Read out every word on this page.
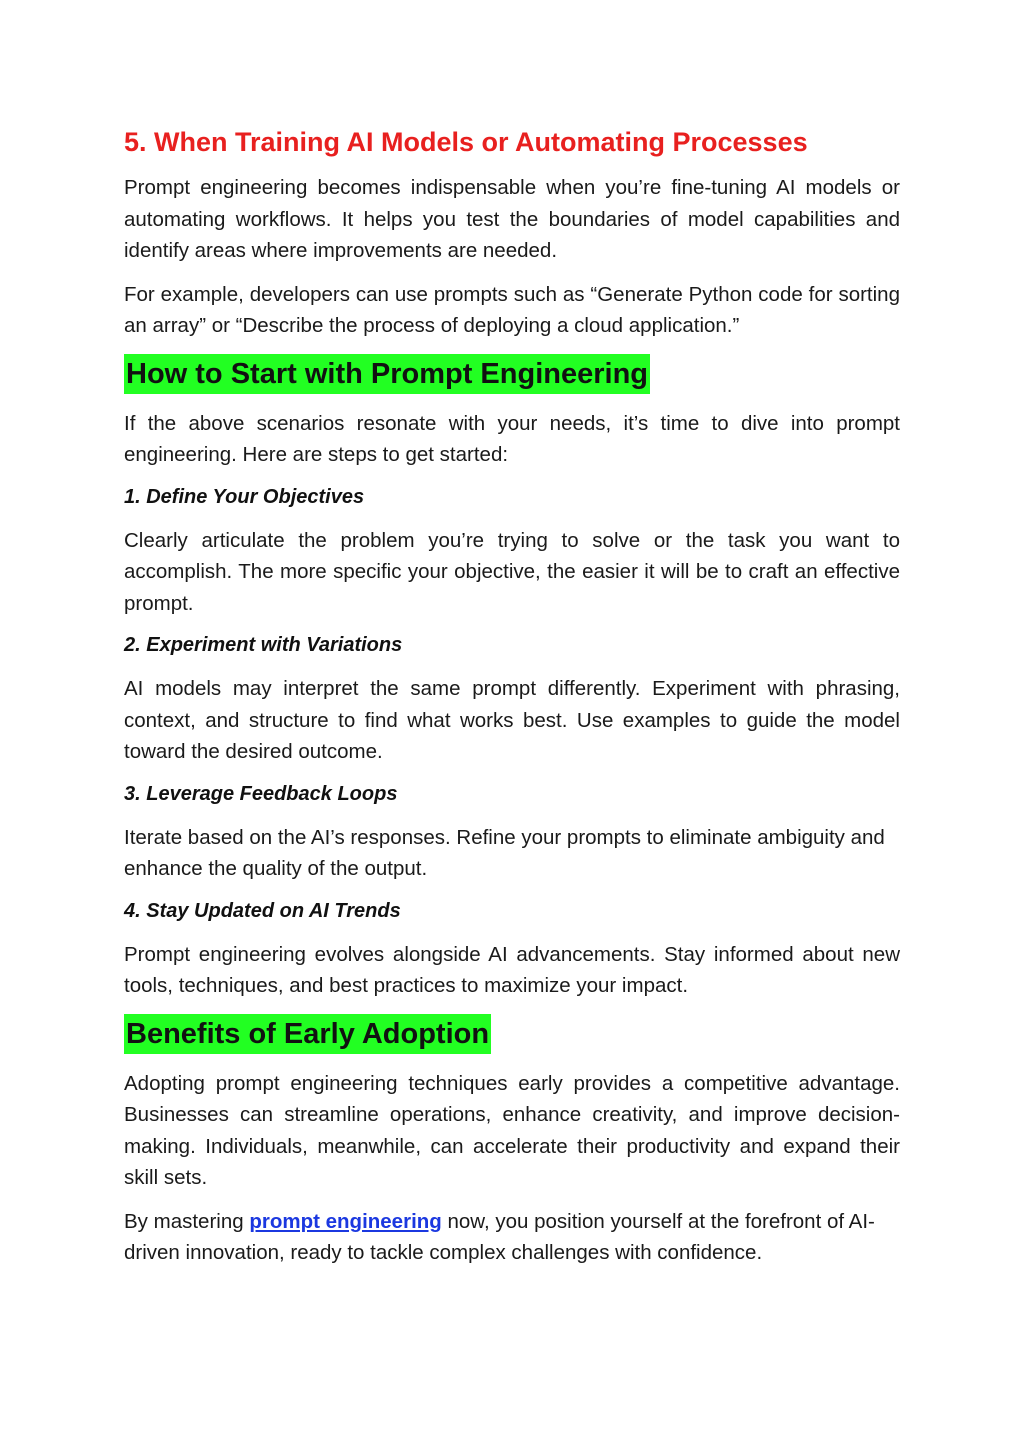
5. When Training AI Models or Automating Processes

Prompt engineering becomes indispensable when you’re fine-tuning AI models or automating workflows. It helps you test the boundaries of model capabilities and identify areas where improvements are needed.

For example, developers can use prompts such as “Generate Python code for sorting an array” or “Describe the process of deploying a cloud application.”

How to Start with Prompt Engineering

If the above scenarios resonate with your needs, it’s time to dive into prompt engineering. Here are steps to get started:

1. Define Your Objectives

Clearly articulate the problem you’re trying to solve or the task you want to accomplish. The more specific your objective, the easier it will be to craft an effective prompt.

2. Experiment with Variations

AI models may interpret the same prompt differently. Experiment with phrasing, context, and structure to find what works best. Use examples to guide the model toward the desired outcome.

3. Leverage Feedback Loops

Iterate based on the AI’s responses. Refine your prompts to eliminate ambiguity and enhance the quality of the output.

4. Stay Updated on AI Trends

Prompt engineering evolves alongside AI advancements. Stay informed about new tools, techniques, and best practices to maximize your impact.

Benefits of Early Adoption

Adopting prompt engineering techniques early provides a competitive advantage. Businesses can streamline operations, enhance creativity, and improve decision-making. Individuals, meanwhile, can accelerate their productivity and expand their skill sets.

By mastering prompt engineering now, you position yourself at the forefront of AI-driven innovation, ready to tackle complex challenges with confidence.
